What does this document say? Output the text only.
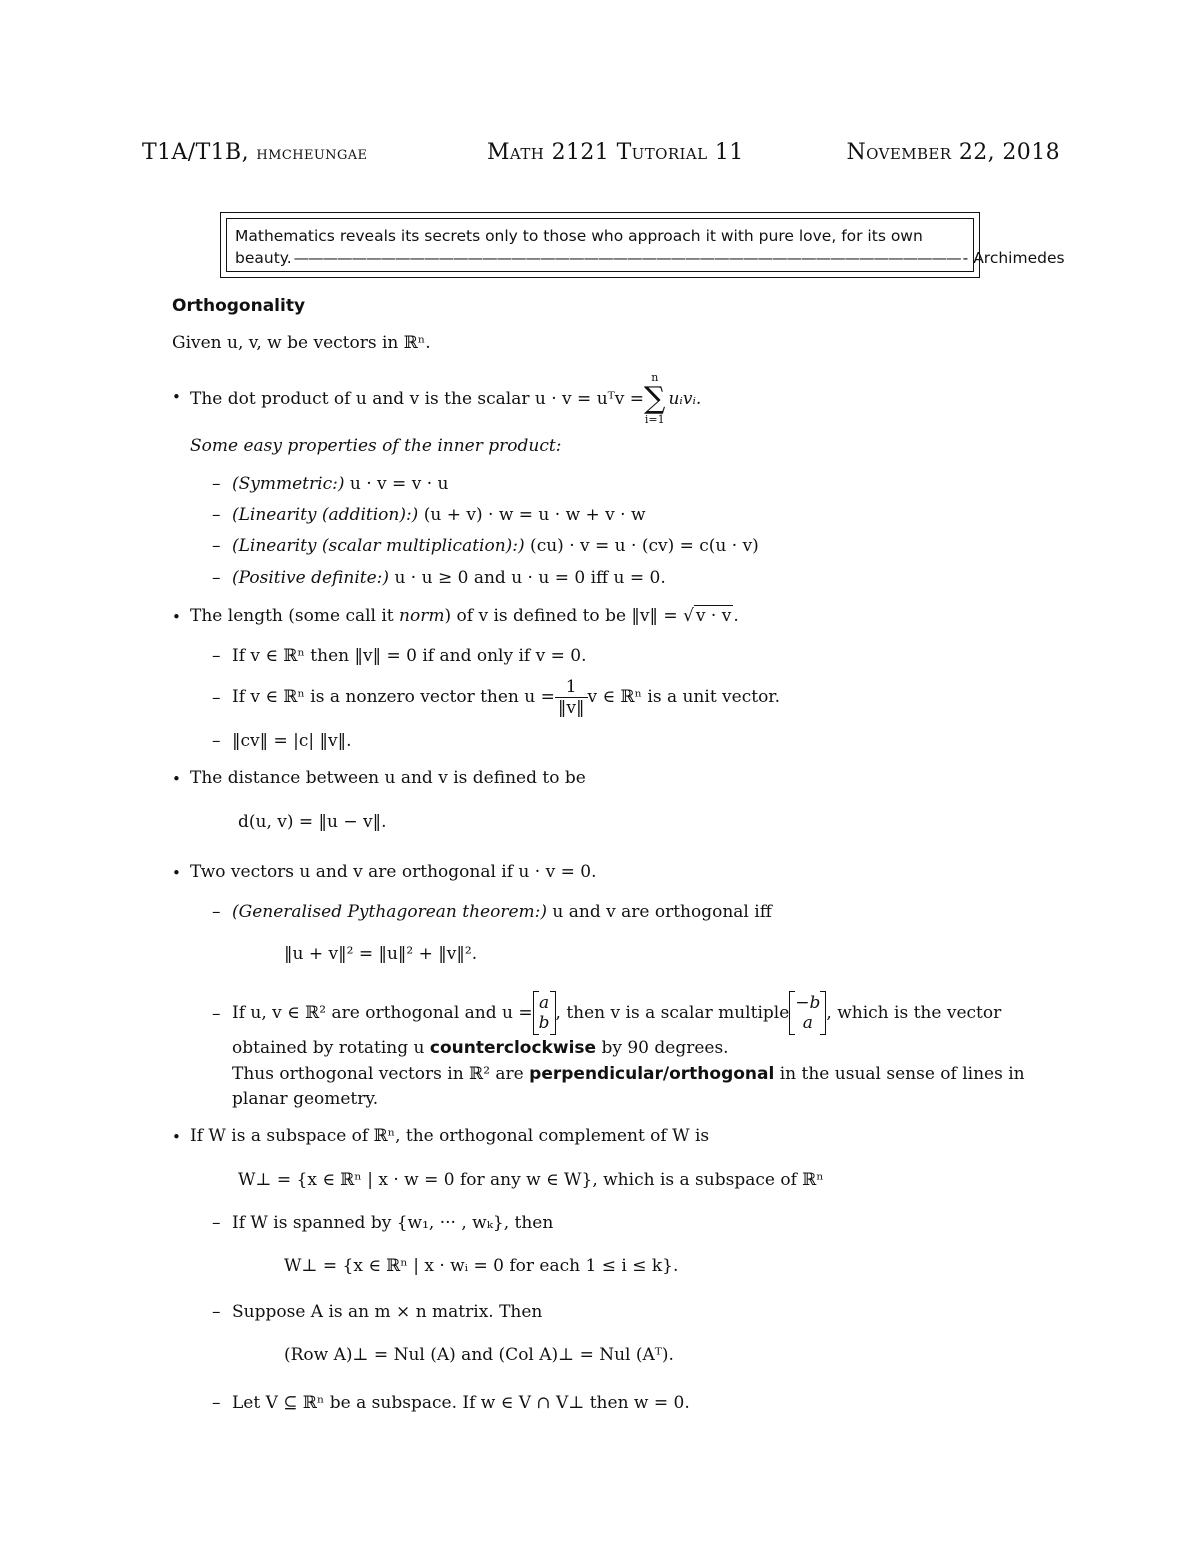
T1A/T1B, hmcheungae	Math 2121 Tutorial 11	November 22, 2018
Mathematics reveals its secrets only to those who approach it with pure love, for its own
beauty. —————————————————————————————————————————————— - Archimedes
Orthogonality
Given u, v, w be vectors in ℝⁿ.
• The dot product of u and v is the scalar u · v = uᵀv =
n
∑
i=1
uᵢvᵢ.
Some easy properties of the inner product:
– (Symmetric:) u · v = v · u
– (Linearity (addition):) (u + v) · w = u · w + v · w
– (Linearity (scalar multiplication):) (cu) · v = u · (cv) = c(u · v)
– (Positive definite:) u · u ≥ 0 and u · u = 0 iff u = 0.
• The length (some call it norm) of v is defined to be ‖v‖ = √ v · v .
– If v ∈ ℝⁿ then ‖v‖ = 0 if and only if v = 0.
– If v ∈ ℝⁿ is a nonzero vector then $u = \frac{1}{‖v‖}$ v ∈ ℝⁿ is a unit vector.
– ‖cv‖ = |c| ‖v‖.
• The distance between u and v is defined to be
d(u, v) = ‖u − v‖.
• Two vectors u and v are orthogonal if u · v = 0.
– (Generalised Pythagorean theorem:) u and v are orthogonal iff
‖u + v‖² = ‖u‖² + ‖v‖².
– If u, v ∈ ℝ² are orthogonal and u = a
b , then v is a scalar multiple −b
a , which is the vector
obtained by rotating u counterclockwise by 90 degrees.
Thus orthogonal vectors in ℝ² are perpendicular/orthogonal in the usual sense of lines in
planar geometry.
• If W is a subspace of ℝⁿ, the orthogonal complement of W is
W⊥ = {x ∈ ℝⁿ | x · w = 0 for any w ∈ W}, which is a subspace of ℝⁿ
– If W is spanned by {w₁, ··· , wₖ}, then
W⊥ = {x ∈ ℝⁿ | x · wᵢ = 0 for each 1 ≤ i ≤ k}.
– Suppose A is an m × n matrix. Then
(Row A)⊥ = Nul (A) and (Col A)⊥ = Nul (Aᵀ).
– Let V ⊆ ℝⁿ be a subspace. If w ∈ V ∩ V⊥ then w = 0.
